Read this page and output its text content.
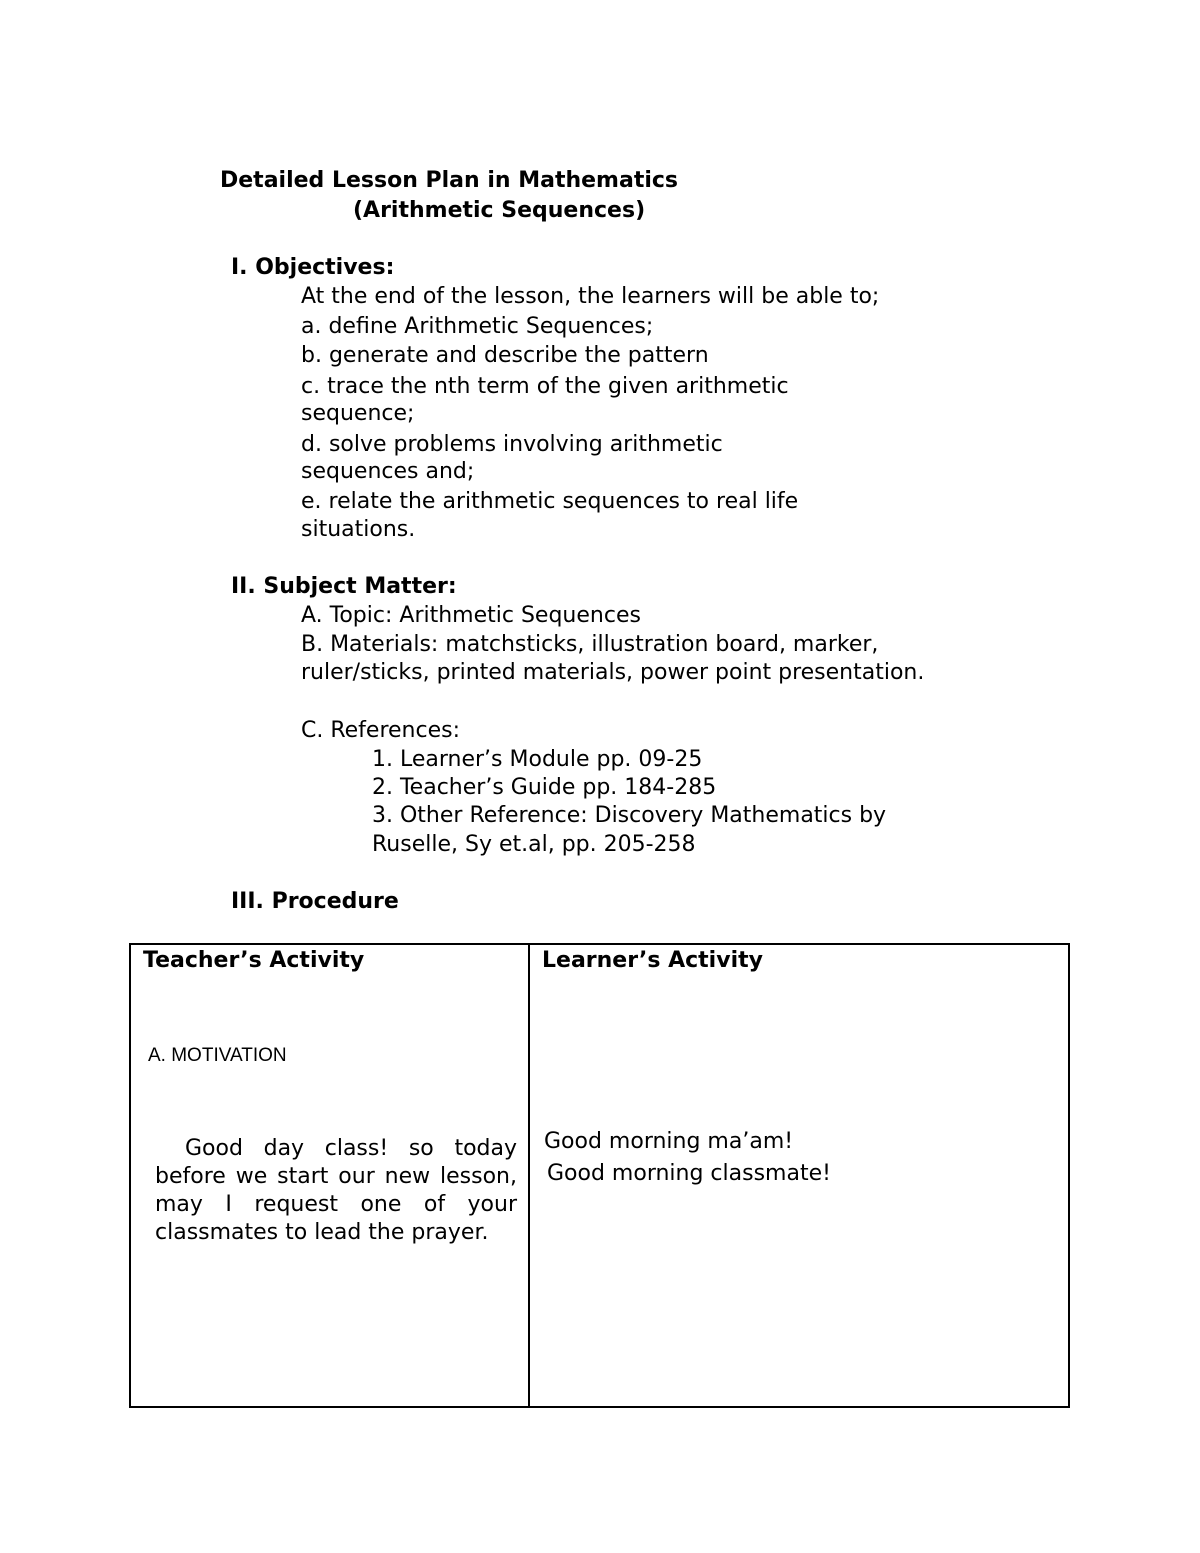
Detailed Lesson Plan in Mathematics
(Arithmetic Sequences)
I. Objectives:
At the end of the lesson, the learners will be able to;
a. define Arithmetic Sequences;
b. generate and describe the pattern
c. trace the nth term of the given arithmetic
sequence;
d. solve problems involving arithmetic
sequences and;
e. relate the arithmetic sequences to real life
situations.
II. Subject Matter:
A. Topic: Arithmetic Sequences
B. Materials: matchsticks, illustration board, marker,
ruler/sticks, printed materials, power point presentation.
C. References:
1. Learner’s Module pp. 09-25
2. Teacher’s Guide pp. 184-285
3. Other Reference: Discovery Mathematics by
Ruselle, Sy et.al, pp. 205-258
III. Procedure
Teacher’s Activity
A. MOTIVATION
Good day class! so today before we start our new lesson, may I request one of your classmates to lead the prayer.
Learner’s Activity
Good morning ma’am!
Good morning classmate!
